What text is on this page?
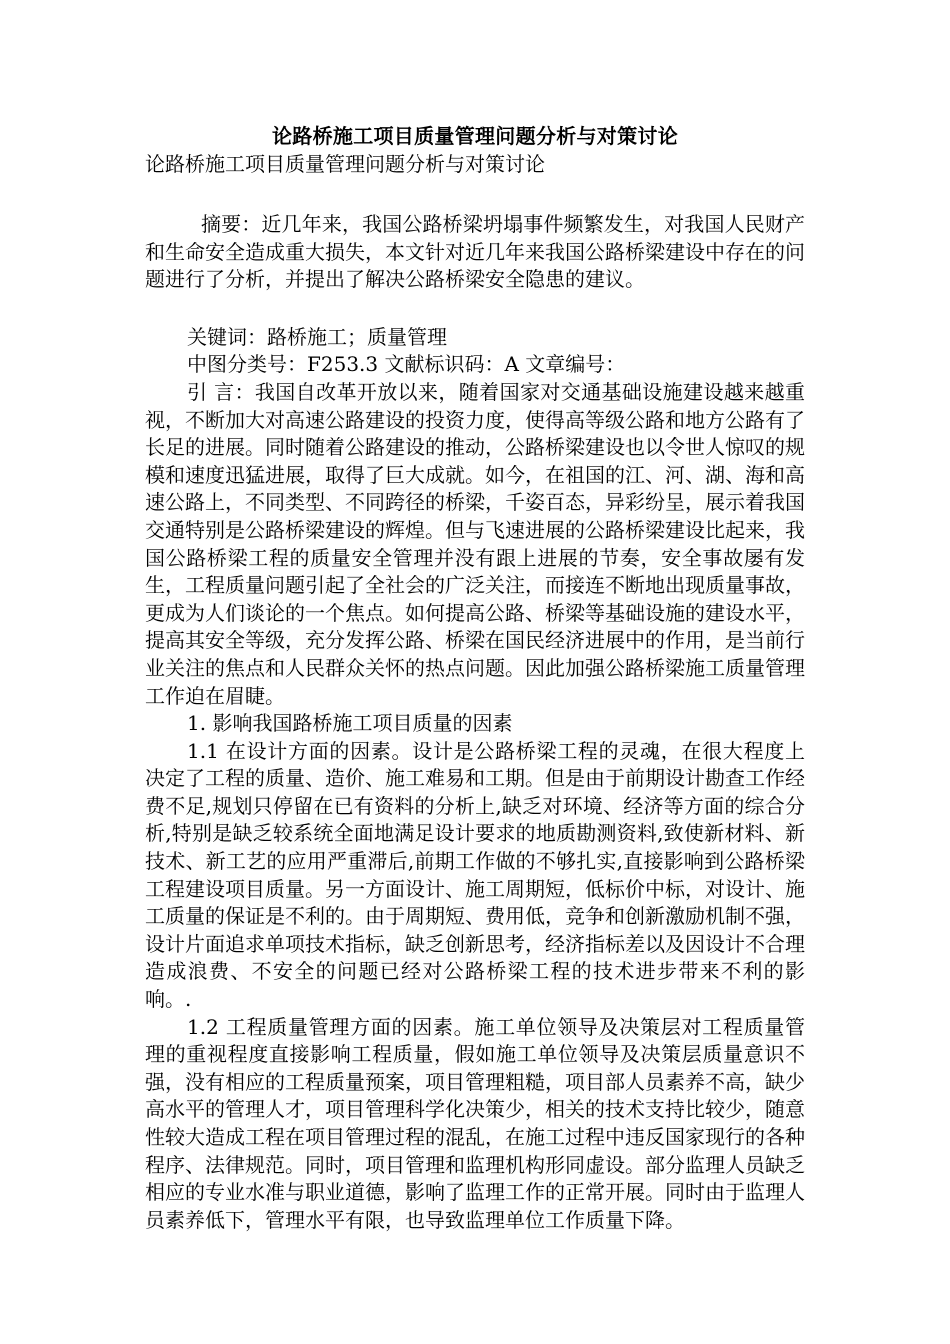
论路桥施工项目质量管理问题分析与对策讨论

论路桥施工项目质量管理问题分析与对策讨论

摘要：近几年来，我国公路桥梁坍塌事件频繁发生，对我国人民财产和生命安全造成重大损失，本文针对近几年来我国公路桥梁建设中存在的问题进行了分析，并提出了解决公路桥梁安全隐患的建议。

关键词：路桥施工；质量管理

中图分类号：F253.3 文献标识码：A 文章编号：

引 言：我国自改革开放以来，随着国家对交通基础设施建设越来越重视，不断加大对高速公路建设的投资力度，使得高等级公路和地方公路有了长足的进展。同时随着公路建设的推动，公路桥梁建设也以令世人惊叹的规模和速度迅猛进展，取得了巨大成就。如今，在祖国的江、河、湖、海和高速公路上，不同类型、不同跨径的桥梁，千姿百态，异彩纷呈，展示着我国交通特别是公路桥梁建设的辉煌。但与飞速进展的公路桥梁建设比起来，我国公路桥梁工程的质量安全管理并没有跟上进展的节奏，安全事故屡有发生，工程质量问题引起了全社会的广泛关注，而接连不断地出现质量事故，更成为人们谈论的一个焦点。如何提高公路、桥梁等基础设施的建设水平，提高其安全等级，充分发挥公路、桥梁在国民经济进展中的作用，是当前行业关注的焦点和人民群众关怀的热点问题。因此加强公路桥梁施工质量管理工作迫在眉睫。

1. 影响我国路桥施工项目质量的因素

1.1 在设计方面的因素。设计是公路桥梁工程的灵魂，在很大程度上决定了工程的质量、造价、施工难易和工期。但是由于前期设计勘查工作经费不足,规划只停留在已有资料的分析上,缺乏对环境、经济等方面的综合分析,特别是缺乏较系统全面地满足设计要求的地质勘测资料,致使新材料、新技术、新工艺的应用严重滞后,前期工作做的不够扎实,直接影响到公路桥梁工程建设项目质量。另一方面设计、施工周期短，低标价中标，对设计、施工质量的保证是不利的。由于周期短、费用低，竞争和创新激励机制不强，设计片面追求单项技术指标，缺乏创新思考，经济指标差以及因设计不合理造成浪费、不安全的问题已经对公路桥梁工程的技术进步带来不利的影响。.

1.2 工程质量管理方面的因素。施工单位领导及决策层对工程质量管理的重视程度直接影响工程质量，假如施工单位领导及决策层质量意识不强，没有相应的工程质量预案，项目管理粗糙，项目部人员素养不高，缺少高水平的管理人才，项目管理科学化决策少，相关的技术支持比较少，随意性较大造成工程在项目管理过程的混乱，在施工过程中违反国家现行的各种程序、法律规范。同时，项目管理和监理机构形同虚设。部分监理人员缺乏相应的专业水准与职业道德，影响了监理工作的正常开展。同时由于监理人员素养低下，管理水平有限，也导致监理单位工作质量下降。
